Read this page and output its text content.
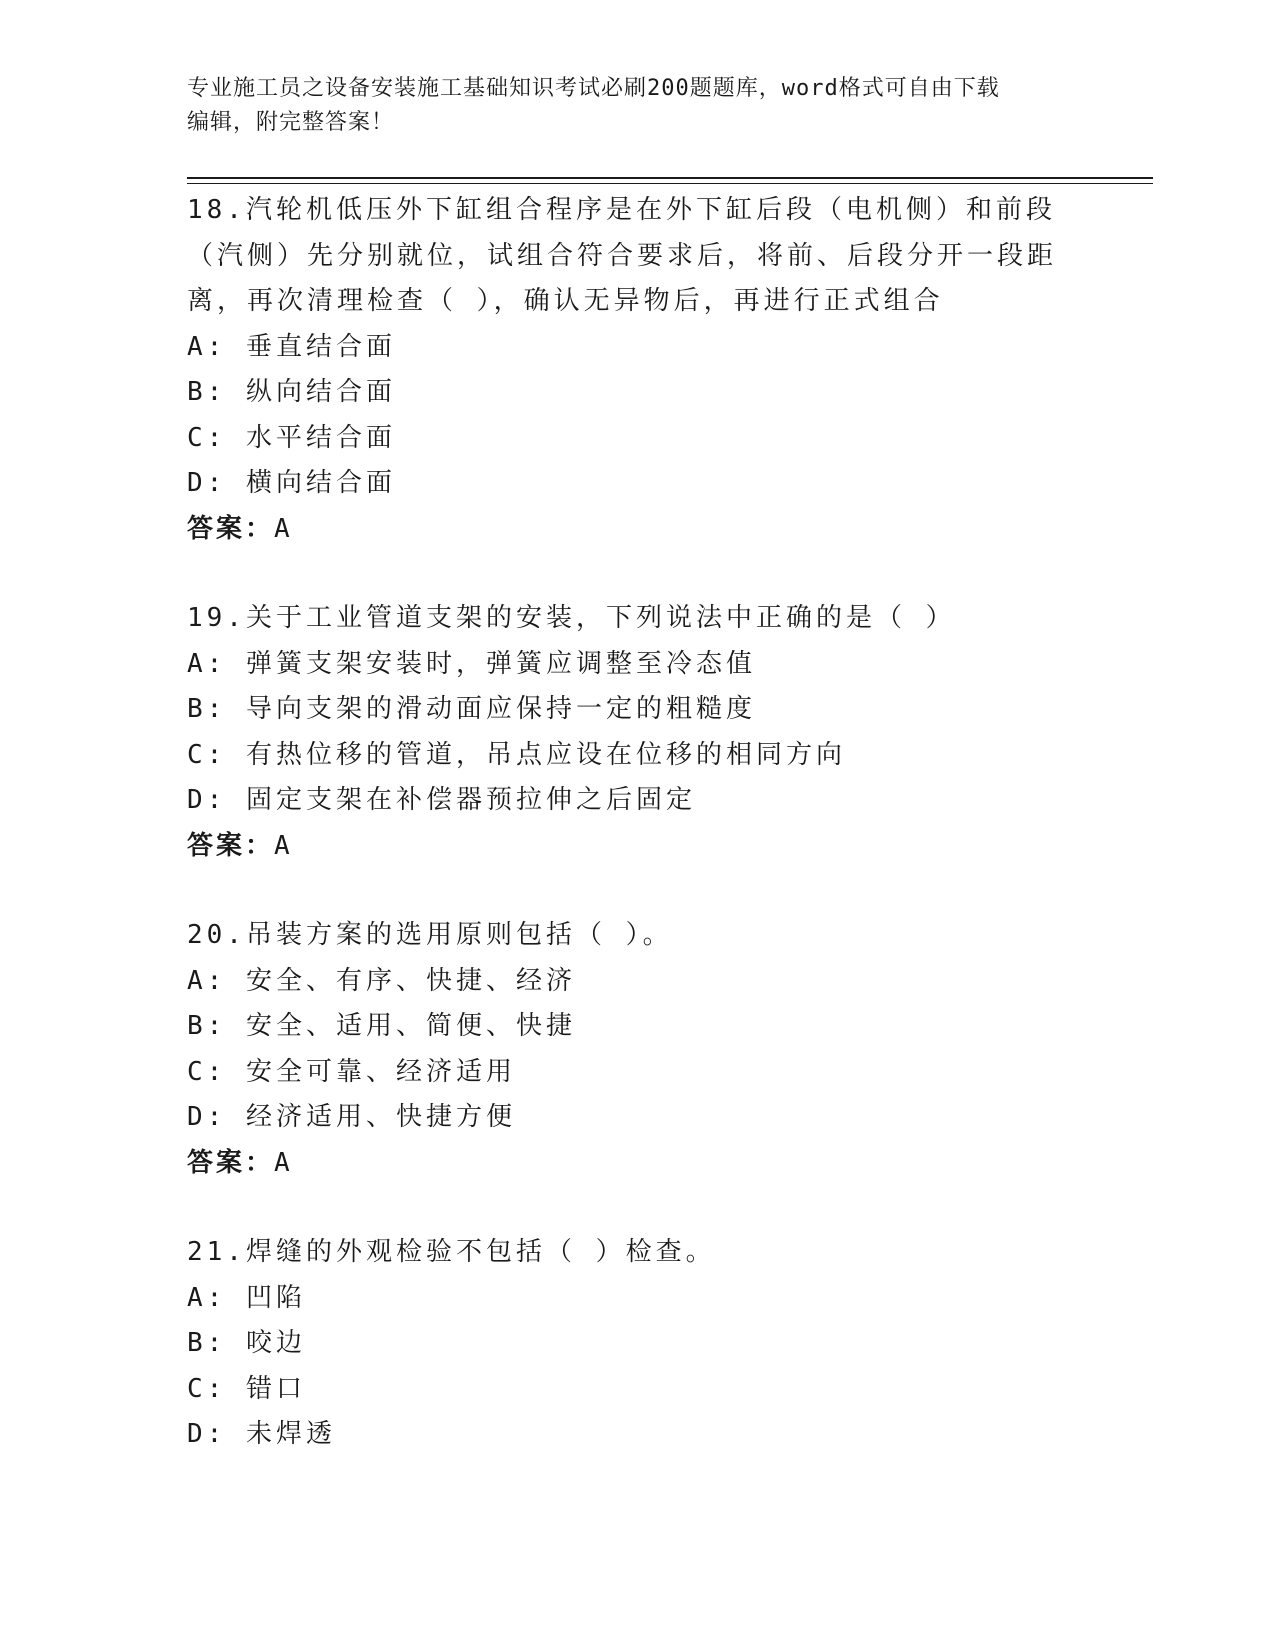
专业施工员之设备安装施工基础知识考试必刷200题题库，word格式可自由下载
编辑，附完整答案！
18.汽轮机低压外下缸组合程序是在外下缸后段（电机侧）和前段（汽侧）先分别就位，试组合符合要求后，将前、后段分开一段距离，再次清理检查（ ），确认无异物后，再进行正式组合
A: 垂直结合面
B: 纵向结合面
C: 水平结合面
D: 横向结合面
答案：A
19.关于工业管道支架的安装，下列说法中正确的是（ ）
A: 弹簧支架安装时，弹簧应调整至冷态值
B: 导向支架的滑动面应保持一定的粗糙度
C: 有热位移的管道，吊点应设在位移的相同方向
D: 固定支架在补偿器预拉伸之后固定
答案：A
20.吊装方案的选用原则包括（ ）。
A: 安全、有序、快捷、经济
B: 安全、适用、简便、快捷
C: 安全可靠、经济适用
D: 经济适用、快捷方便
答案：A
21.焊缝的外观检验不包括（ ）检查。
A: 凹陷
B: 咬边
C: 错口
D: 未焊透
